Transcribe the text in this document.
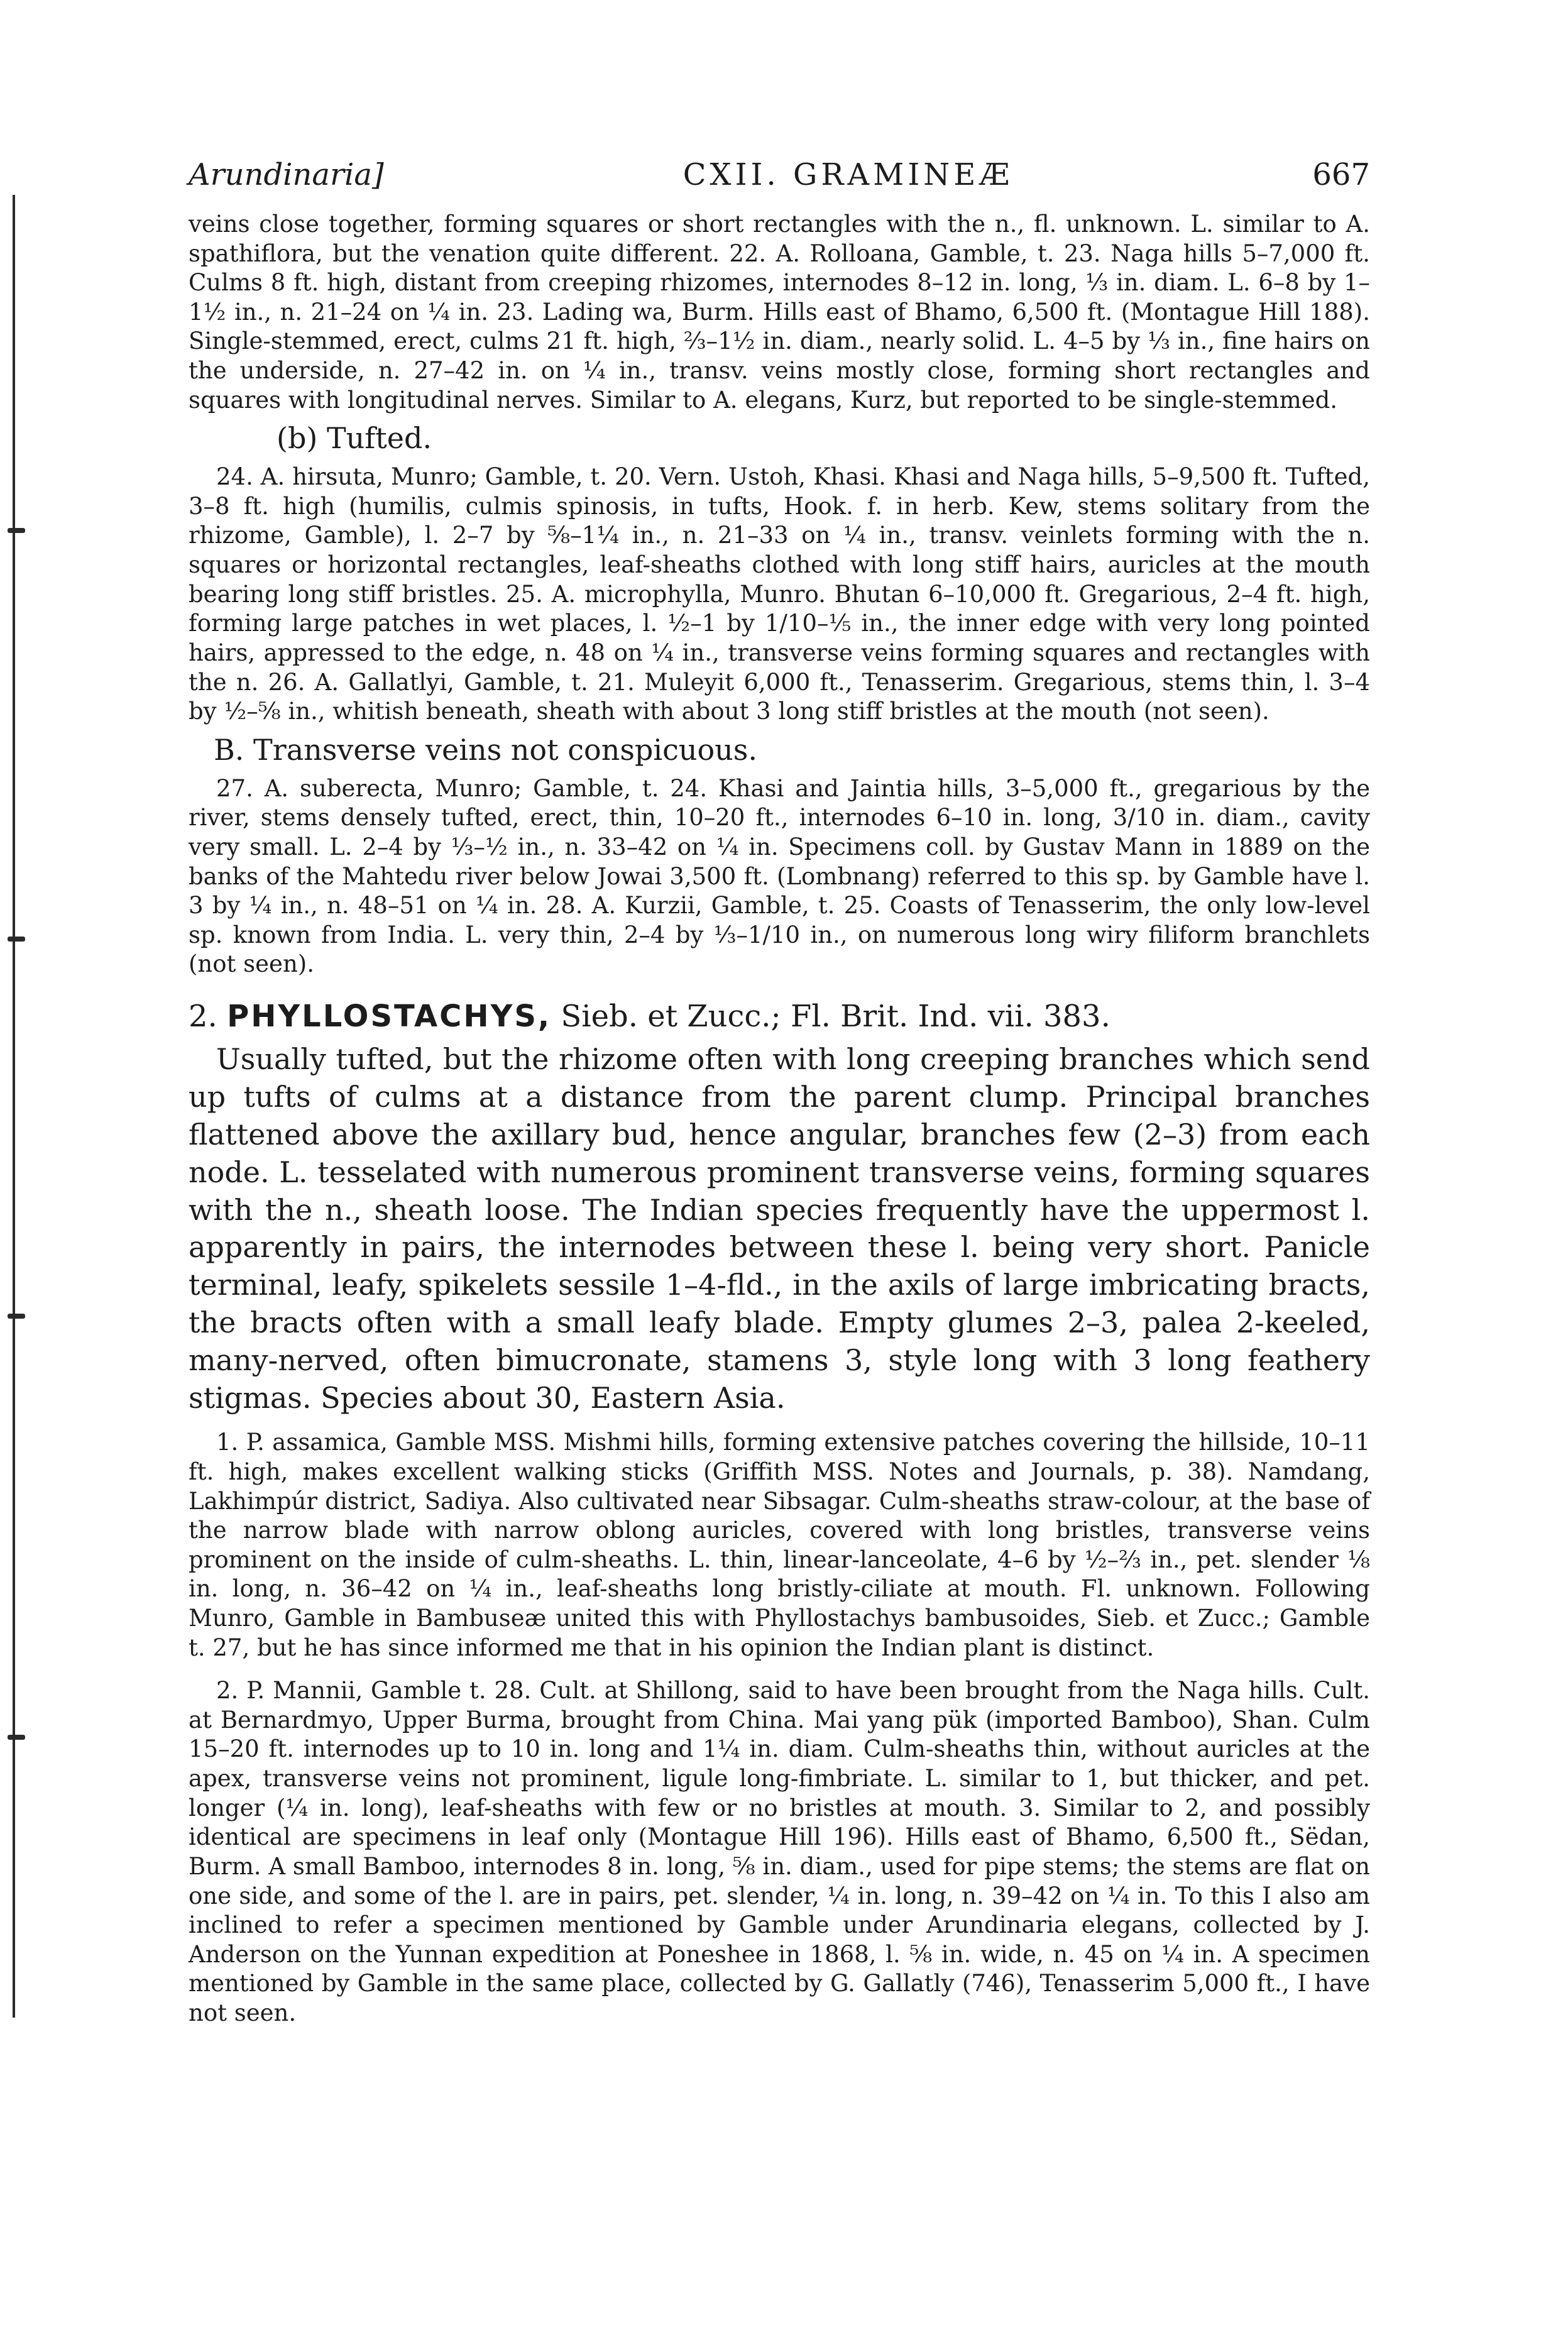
Arundinaria]	CXII. GRAMINEÆ	667

veins close together, forming squares or short rectangles with the n., fl. unknown. L. similar to A. spathiflora, but the venation quite different. 22. A. Rolloana, Gamble, t. 23. Naga hills 5–7,000 ft. Culms 8 ft. high, distant from creeping rhizomes, internodes 8–12 in. long, ⅓ in. diam. L. 6–8 by 1–1½ in., n. 21–24 on ¼ in. 23. Lading wa, Burm. Hills east of Bhamo, 6,500 ft. (Montague Hill 188). Single-stemmed, erect, culms 21 ft. high, ⅔–1½ in. diam., nearly solid. L. 4–5 by ⅓ in., fine hairs on the underside, n. 27–42 in. on ¼ in., transv. veins mostly close, forming short rectangles and squares with longitudinal nerves. Similar to A. elegans, Kurz, but reported to be single-stemmed.

(b) Tufted.

24. A. hirsuta, Munro; Gamble, t. 20. Vern. Ustoh, Khasi. Khasi and Naga hills, 5–9,500 ft. Tufted, 3–8 ft. high (humilis, culmis spinosis, in tufts, Hook. f. in herb. Kew, stems solitary from the rhizome, Gamble), l. 2–7 by ⅝–1¼ in., n. 21–33 on ¼ in., transv. veinlets forming with the n. squares or horizontal rectangles, leaf-sheaths clothed with long stiff hairs, auricles at the mouth bearing long stiff bristles. 25. A. microphylla, Munro. Bhutan 6–10,000 ft. Gregarious, 2–4 ft. high, forming large patches in wet places, l. ½–1 by 1/10–⅕ in., the inner edge with very long pointed hairs, appressed to the edge, n. 48 on ¼ in., transverse veins forming squares and rectangles with the n. 26. A. Gallatlyi, Gamble, t. 21. Muleyit 6,000 ft., Tenasserim. Gregarious, stems thin, l. 3–4 by ½–⅝ in., whitish beneath, sheath with about 3 long stiff bristles at the mouth (not seen).

B. Transverse veins not conspicuous.

27. A. suberecta, Munro; Gamble, t. 24. Khasi and Jaintia hills, 3–5,000 ft., gregarious by the river, stems densely tufted, erect, thin, 10–20 ft., internodes 6–10 in. long, 3/10 in. diam., cavity very small. L. 2–4 by ⅓–½ in., n. 33–42 on ¼ in. Specimens coll. by Gustav Mann in 1889 on the banks of the Mahtedu river below Jowai 3,500 ft. (Lombnang) referred to this sp. by Gamble have l. 3 by ¼ in., n. 48–51 on ¼ in. 28. A. Kurzii, Gamble, t. 25. Coasts of Tenasserim, the only low-level sp. known from India. L. very thin, 2–4 by ⅓–1/10 in., on numerous long wiry filiform branchlets (not seen).

2. PHYLLOSTACHYS, Sieb. et Zucc.; Fl. Brit. Ind. vii. 383.

Usually tufted, but the rhizome often with long creeping branches which send up tufts of culms at a distance from the parent clump. Principal branches flattened above the axillary bud, hence angular, branches few (2–3) from each node. L. tesselated with numerous prominent transverse veins, forming squares with the n., sheath loose. The Indian species frequently have the uppermost l. apparently in pairs, the internodes between these l. being very short. Panicle terminal, leafy, spikelets sessile 1–4-fld., in the axils of large imbricating bracts, the bracts often with a small leafy blade. Empty glumes 2–3, palea 2-keeled, many-nerved, often bimucronate, stamens 3, style long with 3 long feathery stigmas. Species about 30, Eastern Asia.

1. P. assamica, Gamble MSS. Mishmi hills, forming extensive patches covering the hillside, 10–11 ft. high, makes excellent walking sticks (Griffith MSS. Notes and Journals, p. 38). Namdang, Lakhimpúr district, Sadiya. Also cultivated near Sibsagar. Culm-sheaths straw-colour, at the base of the narrow blade with narrow oblong auricles, covered with long bristles, transverse veins prominent on the inside of culm-sheaths. L. thin, linear-lanceolate, 4–6 by ½–⅔ in., pet. slender ⅛ in. long, n. 36–42 on ¼ in., leaf-sheaths long bristly-ciliate at mouth. Fl. unknown. Following Munro, Gamble in Bambuseæ united this with Phyllostachys bambusoides, Sieb. et Zucc.; Gamble t. 27, but he has since informed me that in his opinion the Indian plant is distinct.

2. P. Mannii, Gamble t. 28. Cult. at Shillong, said to have been brought from the Naga hills. Cult. at Bernardmyo, Upper Burma, brought from China. Mai yang pük (imported Bamboo), Shan. Culm 15–20 ft. internodes up to 10 in. long and 1¼ in. diam. Culm-sheaths thin, without auricles at the apex, transverse veins not prominent, ligule long-fimbriate. L. similar to 1, but thicker, and pet. longer (¼ in. long), leaf-sheaths with few or no bristles at mouth. 3. Similar to 2, and possibly identical are specimens in leaf only (Montague Hill 196). Hills east of Bhamo, 6,500 ft., Sëdan, Burm. A small Bamboo, internodes 8 in. long, ⅝ in. diam., used for pipe stems; the stems are flat on one side, and some of the l. are in pairs, pet. slender, ¼ in. long, n. 39–42 on ¼ in. To this I also am inclined to refer a specimen mentioned by Gamble under Arundinaria elegans, collected by J. Anderson on the Yunnan expedition at Poneshee in 1868, l. ⅝ in. wide, n. 45 on ¼ in. A specimen mentioned by Gamble in the same place, collected by G. Gallatly (746), Tenasserim 5,000 ft., I have not seen.
